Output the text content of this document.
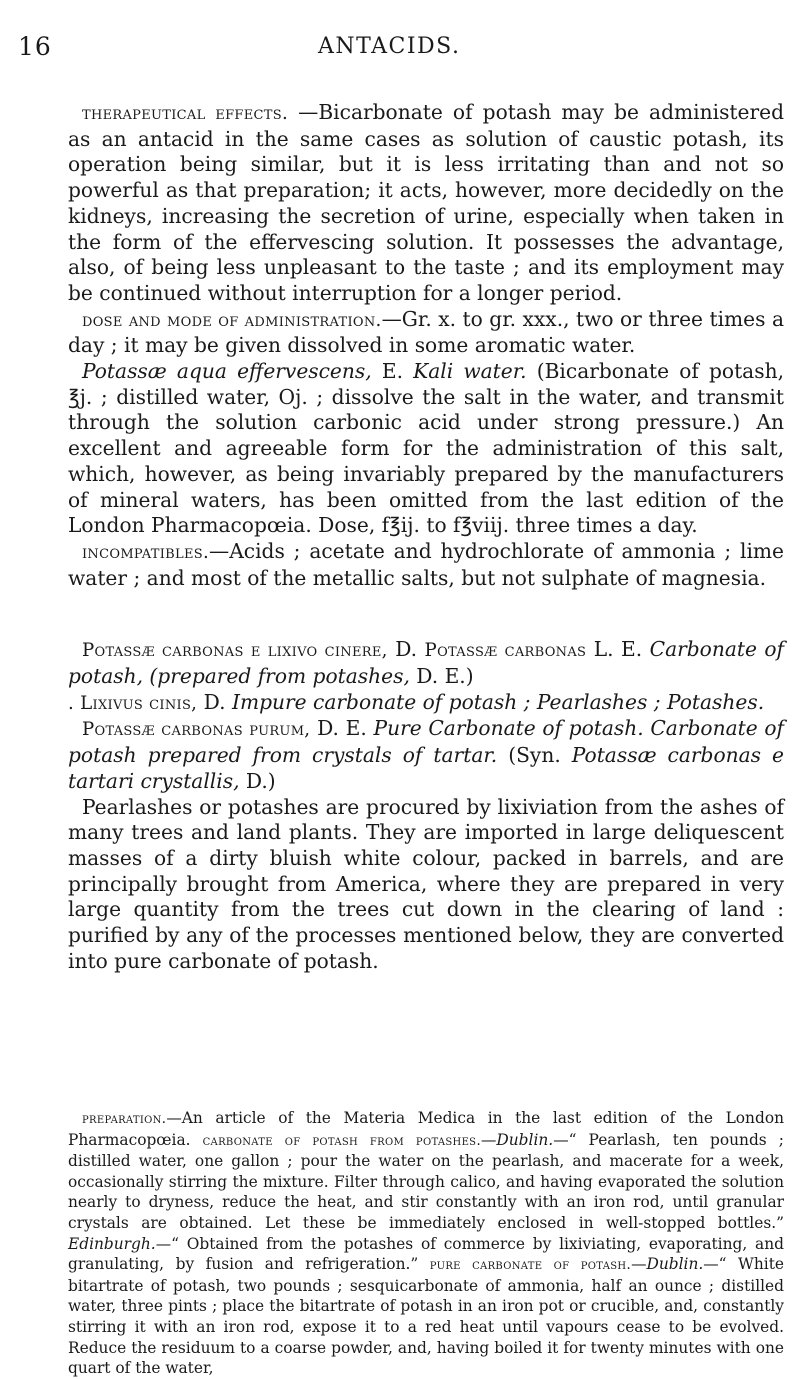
16	ANTACIDS.

therapeutical effects. —Bicarbonate of potash may be administered as an antacid in the same cases as solution of caustic potash, its operation being similar, but it is less irritating than and not so powerful as that preparation; it acts, however, more decidedly on the kidneys, increasing the secretion of urine, especially when taken in the form of the effervescing solution. It possesses the advantage, also, of being less unpleasant to the taste ; and its employment may be continued without interruption for a longer period.

dose and mode of administration.—Gr. x. to gr. xxx., two or three times a day ; it may be given dissolved in some aromatic water.

Potassæ aqua effervescens, E. Kali water. (Bicarbonate of potash, ℥j. ; distilled water, Oj. ; dissolve the salt in the water, and transmit through the solution carbonic acid under strong pressure.) An excellent and agreeable form for the administration of this salt, which, however, as being invariably prepared by the manufacturers of mineral waters, has been omitted from the last edition of the London Pharmacopœia. Dose, f℥ij. to f℥viij. three times a day.

incompatibles.—Acids ; acetate and hydrochlorate of ammonia ; lime water ; and most of the metallic salts, but not sulphate of magnesia.

Potassæ carbonas e lixivo cinere, D. Potassæ carbonas L. E. Carbonate of potash, (prepared from potashes, D. E.)
. Lixivus cinis, D. Impure carbonate of potash ; Pearlashes ; Potashes.

Potassæ carbonas purum, D. E. Pure Carbonate of potash. Carbonate of potash prepared from crystals of tartar. (Syn. Potassæ carbonas e tartari crystallis, D.)

Pearlashes or potashes are procured by lixiviation from the ashes of many trees and land plants. They are imported in large deliquescent masses of a dirty bluish white colour, packed in barrels, and are principally brought from America, where they are prepared in very large quantity from the trees cut down in the clearing of land : purified by any of the processes mentioned below, they are converted into pure carbonate of potash.

preparation.—An article of the Materia Medica in the last edition of the London Pharmacopœia. carbonate of potash from potashes.—Dublin.—“ Pearlash, ten pounds ; distilled water, one gallon ; pour the water on the pearlash, and macerate for a week, occasionally stirring the mixture. Filter through calico, and having evaporated the solution nearly to dryness, reduce the heat, and stir constantly with an iron rod, until granular crystals are obtained. Let these be immediately enclosed in well-stopped bottles.” Edinburgh.—“ Obtained from the potashes of commerce by lixiviating, evaporating, and granulating, by fusion and refrigeration.” pure carbonate of potash.—Dublin.—“ White bitartrate of potash, two pounds ; sesquicarbonate of ammonia, half an ounce ; distilled water, three pints ; place the bitartrate of potash in an iron pot or crucible, and, constantly stirring it with an iron rod, expose it to a red heat until vapours cease to be evolved. Reduce the residuum to a coarse powder, and, having boiled it for twenty minutes with one quart of the water,
